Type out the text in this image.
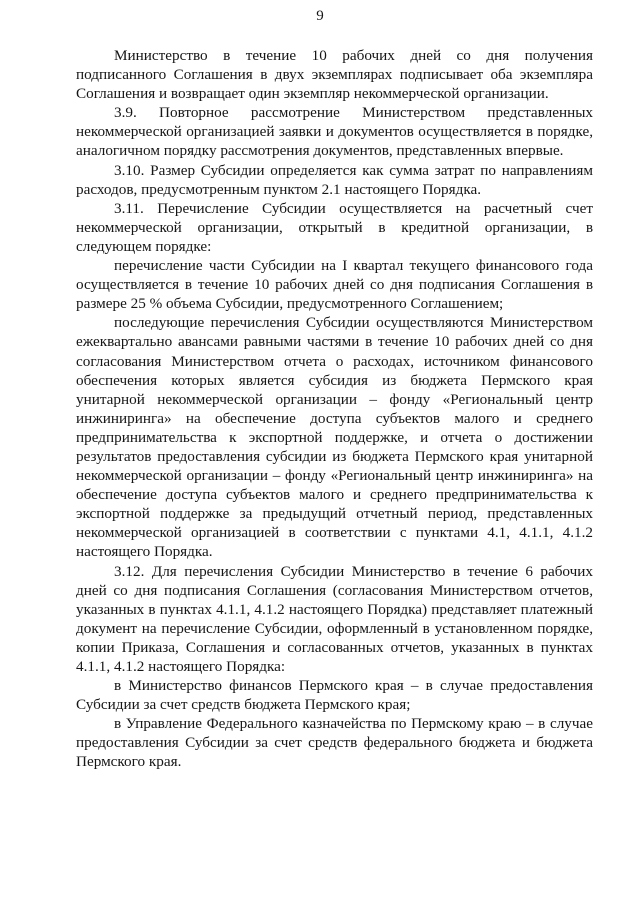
9

Министерство в течение 10 рабочих дней со дня получения подписанного Соглашения в двух экземплярах подписывает оба экземпляра Соглашения и возвращает один экземпляр некоммерческой организации.

3.9. Повторное рассмотрение Министерством представленных некоммерческой организацией заявки и документов осуществляется в порядке, аналогичном порядку рассмотрения документов, представленных впервые.

3.10. Размер Субсидии определяется как сумма затрат по направлениям расходов, предусмотренным пунктом 2.1 настоящего Порядка.

3.11. Перечисление Субсидии осуществляется на расчетный счет некоммерческой организации, открытый в кредитной организации, в следующем порядке:

перечисление части Субсидии на I квартал текущего финансового года осуществляется в течение 10 рабочих дней со дня подписания Соглашения в размере 25 % объема Субсидии, предусмотренного Соглашением;

последующие перечисления Субсидии осуществляются Министерством ежеквартально авансами равными частями в течение 10 рабочих дней со дня согласования Министерством отчета о расходах, источником финансового обеспечения которых является субсидия из бюджета Пермского края унитарной некоммерческой организации – фонду «Региональный центр инжиниринга» на обеспечение доступа субъектов малого и среднего предпринимательства к экспортной поддержке, и отчета о достижении результатов предоставления субсидии из бюджета Пермского края унитарной некоммерческой организации – фонду «Региональный центр инжиниринга» на обеспечение доступа субъектов малого и среднего предпринимательства к экспортной поддержке за предыдущий отчетный период, представленных некоммерческой организацией в соответствии с пунктами 4.1, 4.1.1, 4.1.2 настоящего Порядка.

3.12. Для перечисления Субсидии Министерство в течение 6 рабочих дней со дня подписания Соглашения (согласования Министерством отчетов, указанных в пунктах 4.1.1, 4.1.2 настоящего Порядка) представляет платежный документ на перечисление Субсидии, оформленный в установленном порядке, копии Приказа, Соглашения и согласованных отчетов, указанных в пунктах 4.1.1, 4.1.2 настоящего Порядка:

в Министерство финансов Пермского края – в случае предоставления Субсидии за счет средств бюджета Пермского края;

в Управление Федерального казначейства по Пермскому краю – в случае предоставления Субсидии за счет средств федерального бюджета и бюджета Пермского края.
